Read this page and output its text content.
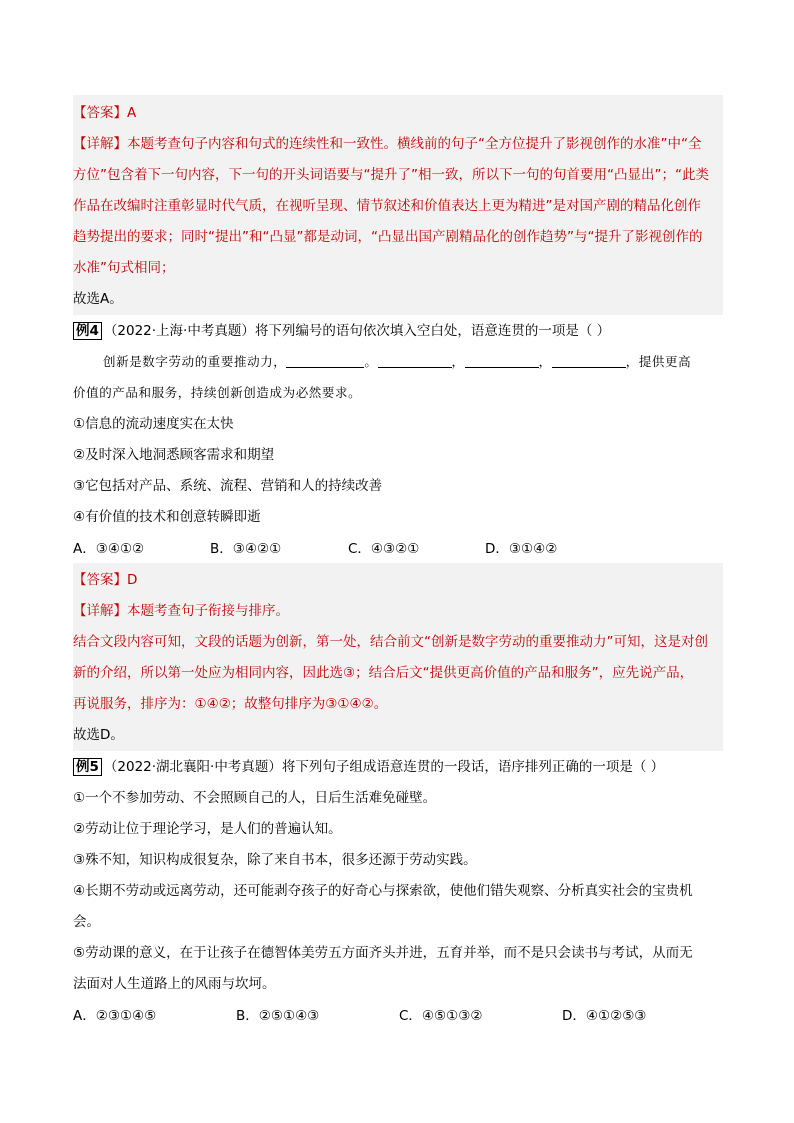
【答案】A
【详解】本题考查句子内容和句式的连续性和一致性。横线前的句子“全方位提升了影视创作的水准”中“全
方位”包含着下一句内容，下一句的开头词语要与“提升了”相一致，所以下一句的句首要用“凸显出”；“此类
作品在改编时注重彰显时代气质，在视听呈现、情节叙述和价值表达上更为精进”是对国产剧的精品化创作
趋势提出的要求；同时“提出”和“凸显”都是动词，“凸显出国产剧精品化的创作趋势”与“提升了影视创作的
水准”句式相同；
故选A。
例4 （2022·上海·中考真题）将下列编号的语句依次填入空白处，语意连贯的一项是（ ）
创新是数字劳动的重要推动力，	。	，	，	，提供更高
价值的产品和服务，持续创新创造成为必然要求。
①信息的流动速度实在太快
②及时深入地洞悉顾客需求和期望
③它包括对产品、系统、流程、营销和人的持续改善
④有价值的技术和创意转瞬即逝
A．③④①②	B．③④②①	C．④③②①	D．③①④②
【答案】D
【详解】本题考查句子衔接与排序。
结合文段内容可知，文段的话题为创新，第一处，结合前文“创新是数字劳动的重要推动力”可知，这是对创
新的介绍，所以第一处应为相同内容，因此选③；结合后文“提供更高价值的产品和服务”，应先说产品，
再说服务，排序为：①④②；故整句排序为③①④②。
故选D。
例5 （2022·湖北襄阳·中考真题）将下列句子组成语意连贯的一段话，语序排列正确的一项是（ ）
①一个不参加劳动、不会照顾自己的人，日后生活难免碰壁。
②劳动让位于理论学习，是人们的普遍认知。
③殊不知，知识构成很复杂，除了来自书本，很多还源于劳动实践。
④长期不劳动或远离劳动，还可能剥夺孩子的好奇心与探索欲，使他们错失观察、分析真实社会的宝贵机
会。
⑤劳动课的意义，在于让孩子在德智体美劳五方面齐头并进，五育并举，而不是只会读书与考试，从而无
法面对人生道路上的风雨与坎坷。
A．②③①④⑤	B．②⑤①④③	C．④⑤①③②	D．④①②⑤③
